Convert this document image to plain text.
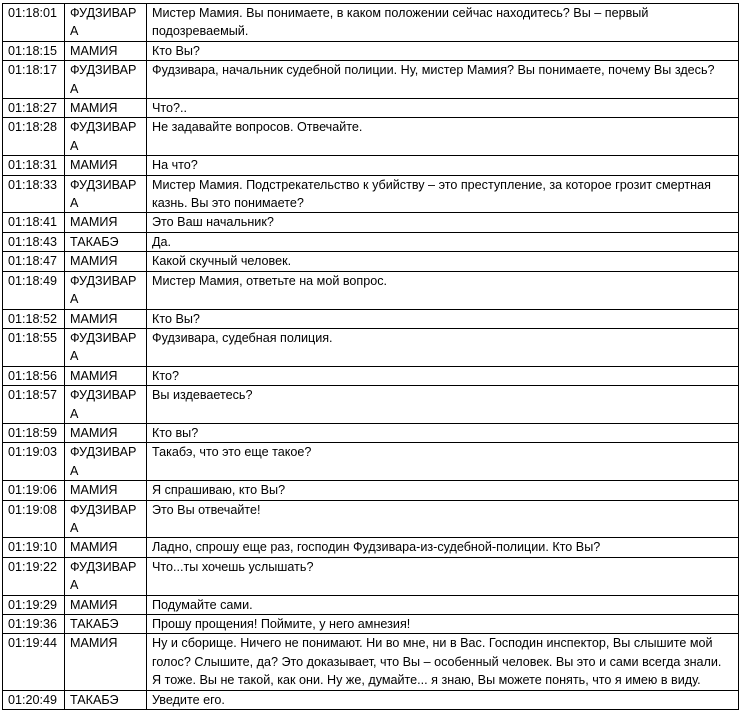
01:18:01	ФУДЗИВАРА	Мистер Мамия. Вы понимаете, в каком положении сейчас находитесь? Вы – первый подозреваемый.
01:18:15	МАМИЯ	Кто Вы?
01:18:17	ФУДЗИВАРА	Фудзивара, начальник судебной полиции. Ну, мистер Мамия? Вы понимаете, почему Вы здесь?
01:18:27	МАМИЯ	Что?..
01:18:28	ФУДЗИВАРА	Не задавайте вопросов. Отвечайте.
01:18:31	МАМИЯ	На что?
01:18:33	ФУДЗИВАРА	Мистер Мамия. Подстрекательство к убийству – это преступление, за которое грозит смертная казнь. Вы это понимаете?
01:18:41	МАМИЯ	Это Ваш начальник?
01:18:43	ТАКАБЭ	Да.
01:18:47	МАМИЯ	Какой скучный человек.
01:18:49	ФУДЗИВАРА	Мистер Мамия, ответьте на мой вопрос.
01:18:52	МАМИЯ	Кто Вы?
01:18:55	ФУДЗИВАРА	Фудзивара, судебная полиция.
01:18:56	МАМИЯ	Кто?
01:18:57	ФУДЗИВАРА	Вы издеваетесь?
01:18:59	МАМИЯ	Кто вы?
01:19:03	ФУДЗИВАРА	Такабэ, что это еще такое?
01:19:06	МАМИЯ	Я спрашиваю, кто Вы?
01:19:08	ФУДЗИВАРА	Это Вы отвечайте!
01:19:10	МАМИЯ	Ладно, спрошу еще раз, господин Фудзивара-из-судебной-полиции. Кто Вы?
01:19:22	ФУДЗИВАРА	Что...ты хочешь услышать?
01:19:29	МАМИЯ	Подумайте сами.
01:19:36	ТАКАБЭ	Прошу прощения! Поймите, у него амнезия!
01:19:44	МАМИЯ	Ну и сборище. Ничего не понимают. Ни во мне, ни в Вас. Господин инспектор, Вы слышите мой голос? Слышите, да? Это доказывает, что Вы – особенный человек. Вы это и сами всегда знали. Я тоже. Вы не такой, как они. Ну же, думайте... я знаю, Вы можете понять, что я имею в виду.
01:20:49	ТАКАБЭ	Уведите его.
